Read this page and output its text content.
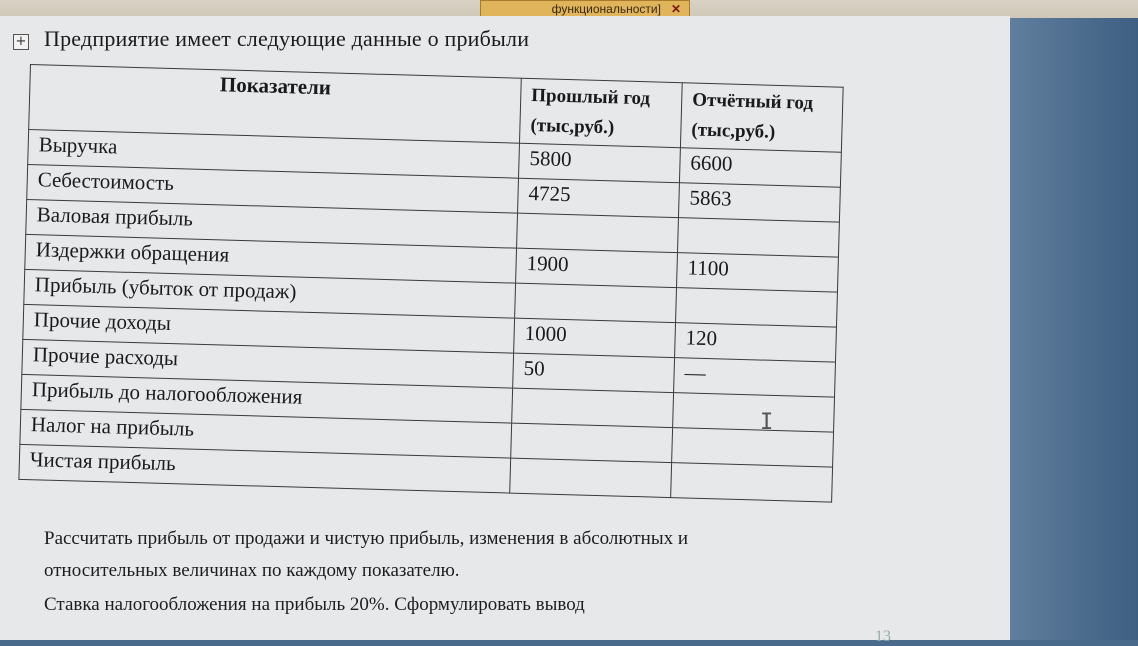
функциональности] ✕
+ Предприятие имеет следующие данные о прибыли
Показатели	Прошлый год (тыс,руб.)	Отчётный год (тыс,руб.)
Выручка	5800	6600
Себестоимость	4725	5863
Валовая прибыль		
Издержки обращения	1900	1100
Прибыль (убыток от продаж)		
Прочие доходы	1000	120
Прочие расходы	50	—
Прибыль до налогообложения		
Налог на прибыль		
Чистая прибыль		
I
Рассчитать прибыль от продажи и чистую прибыль, изменения в абсолютных и
относительных величинах по каждому показателю.
Ставка налогообложения на прибыль 20%. Сформулировать вывод
13
